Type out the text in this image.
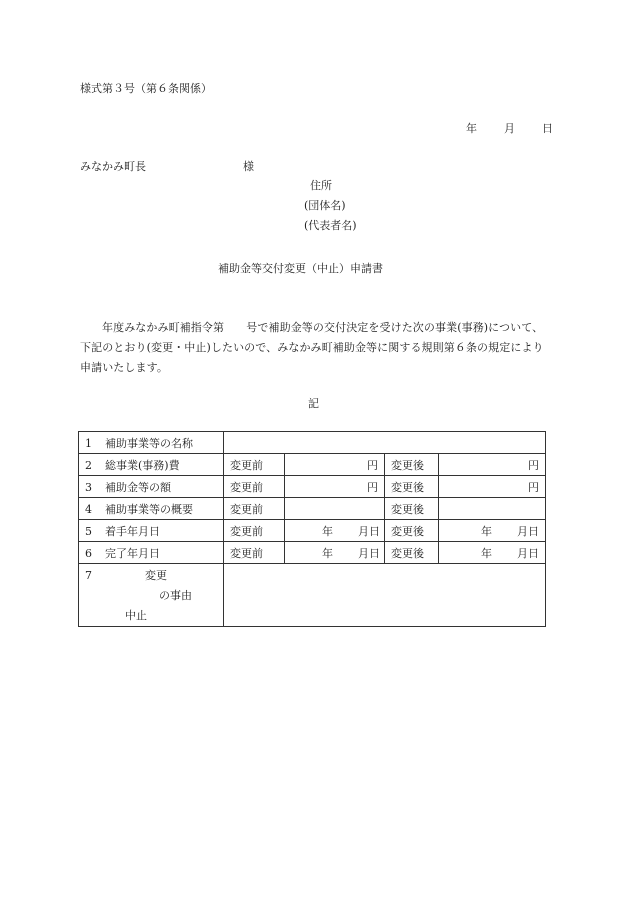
様式第３号（第６条関係）
年 月 日
みなかみ町長	様
住所
(団体名)
(代表者名)
補助金等交付変更（中止）申請書
年度みなかみ町補指令第　　号で補助金等の交付決定を受けた次の事業(事務)について、下記のとおり(変更・中止)したいので、みなかみ町補助金等に関する規則第６条の規定により申請いたします。
記
1 補助事業等の名称				
2 総事業(事務)費	変更前	円	変更後	円
3 補助金等の額	変更前	円	変更後	円
4 補助事業等の概要	変更前		変更後	
5 着手年月日	変更前	年 月日	変更後	年 月日
6 完了年月日	変更前	年 月日	変更後	年 月日

7 変更
の事由
中止				
